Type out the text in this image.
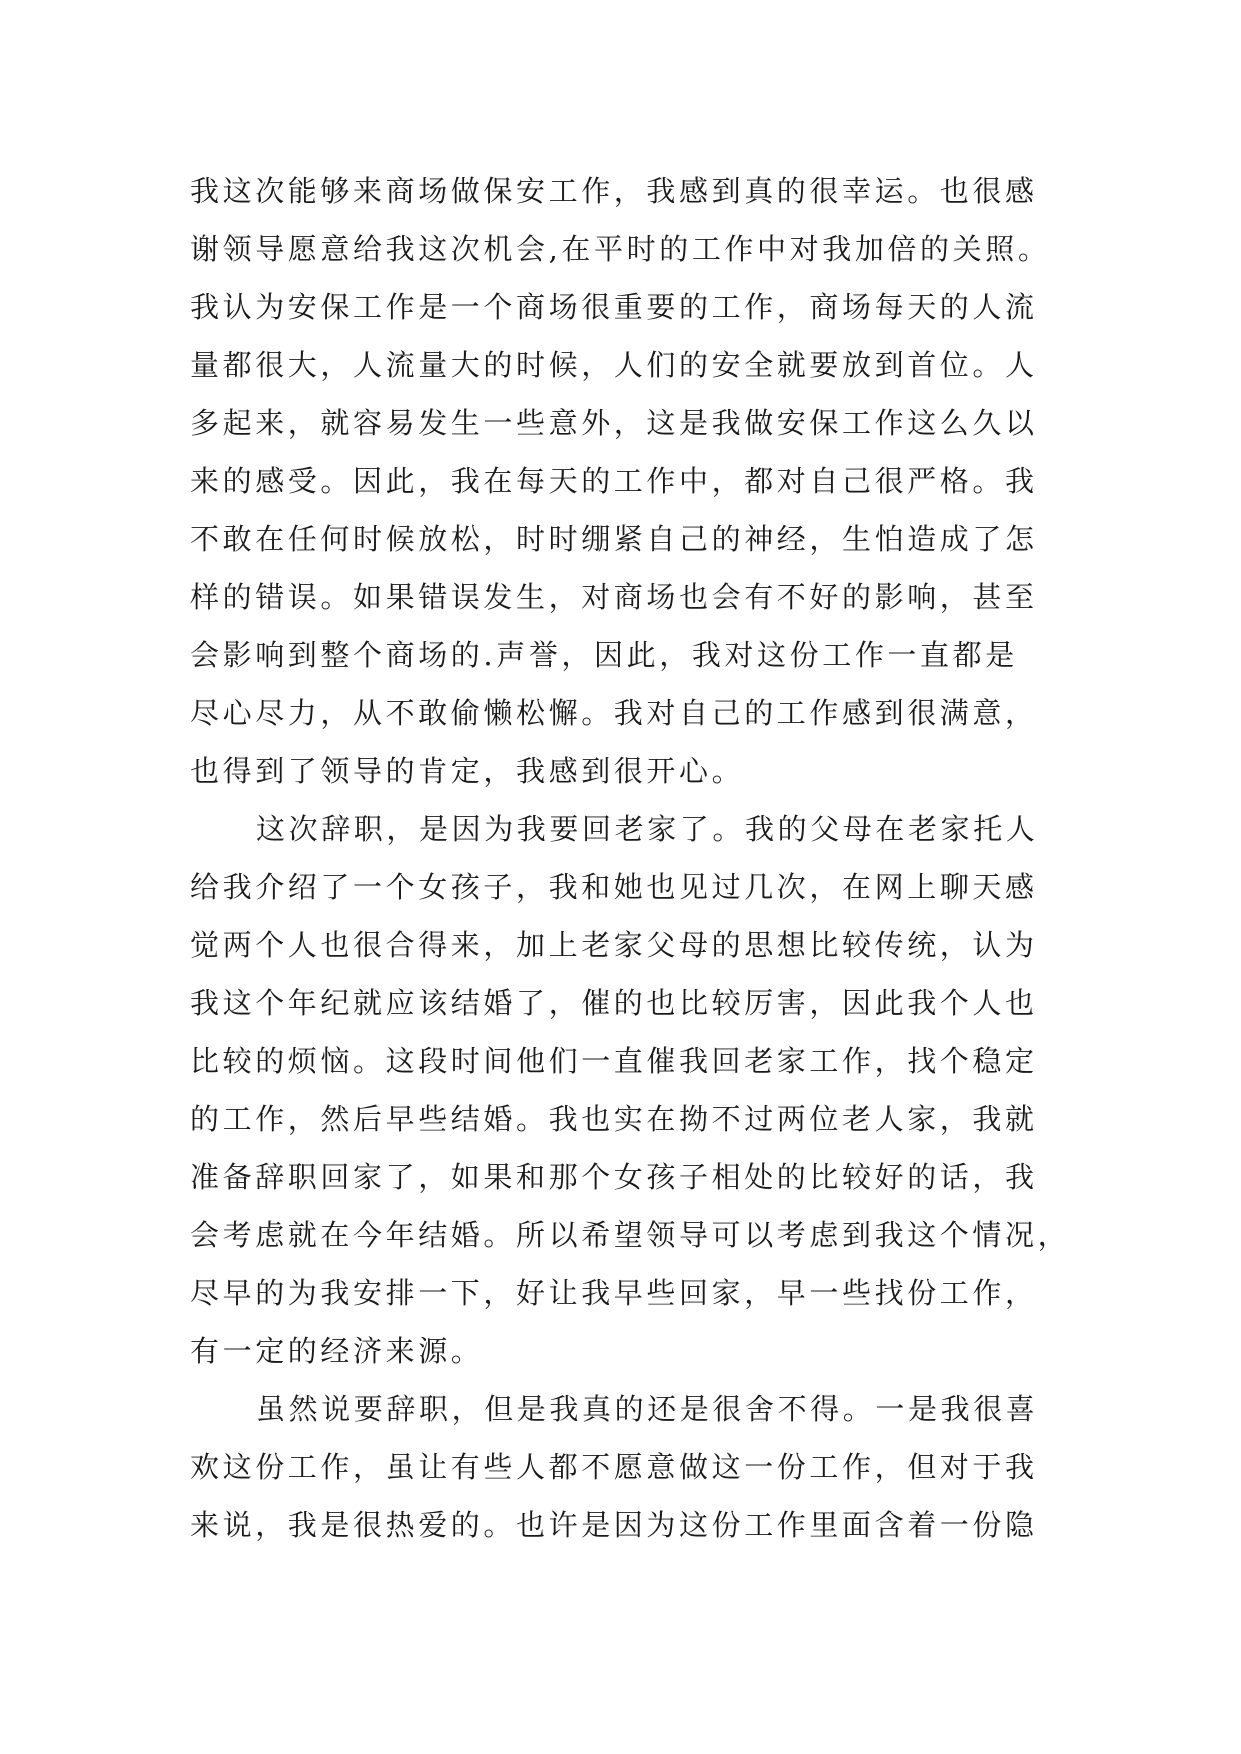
我这次能够来商场做保安工作，我感到真的很幸运。也很感
谢领导愿意给我这次机会,在平时的工作中对我加倍的关照。
我认为安保工作是一个商场很重要的工作，商场每天的人流
量都很大，人流量大的时候，人们的安全就要放到首位。人
多起来，就容易发生一些意外，这是我做安保工作这么久以
来的感受。因此，我在每天的工作中，都对自己很严格。我
不敢在任何时候放松，时时绷紧自己的神经，生怕造成了怎
样的错误。如果错误发生，对商场也会有不好的影响，甚至
会影响到整个商场的.声誉，因此，我对这份工作一直都是
尽心尽力，从不敢偷懒松懈。我对自己的工作感到很满意，
也得到了领导的肯定，我感到很开心。
这次辞职，是因为我要回老家了。我的父母在老家托人
给我介绍了一个女孩子，我和她也见过几次，在网上聊天感
觉两个人也很合得来，加上老家父母的思想比较传统，认为
我这个年纪就应该结婚了，催的也比较厉害，因此我个人也
比较的烦恼。这段时间他们一直催我回老家工作，找个稳定
的工作，然后早些结婚。我也实在拗不过两位老人家，我就
准备辞职回家了，如果和那个女孩子相处的比较好的话，我
会考虑就在今年结婚。所以希望领导可以考虑到我这个情况，
尽早的为我安排一下，好让我早些回家，早一些找份工作，
有一定的经济来源。
虽然说要辞职，但是我真的还是很舍不得。一是我很喜
欢这份工作，虽让有些人都不愿意做这一份工作，但对于我
来说，我是很热爱的。也许是因为这份工作里面含着一份隐
